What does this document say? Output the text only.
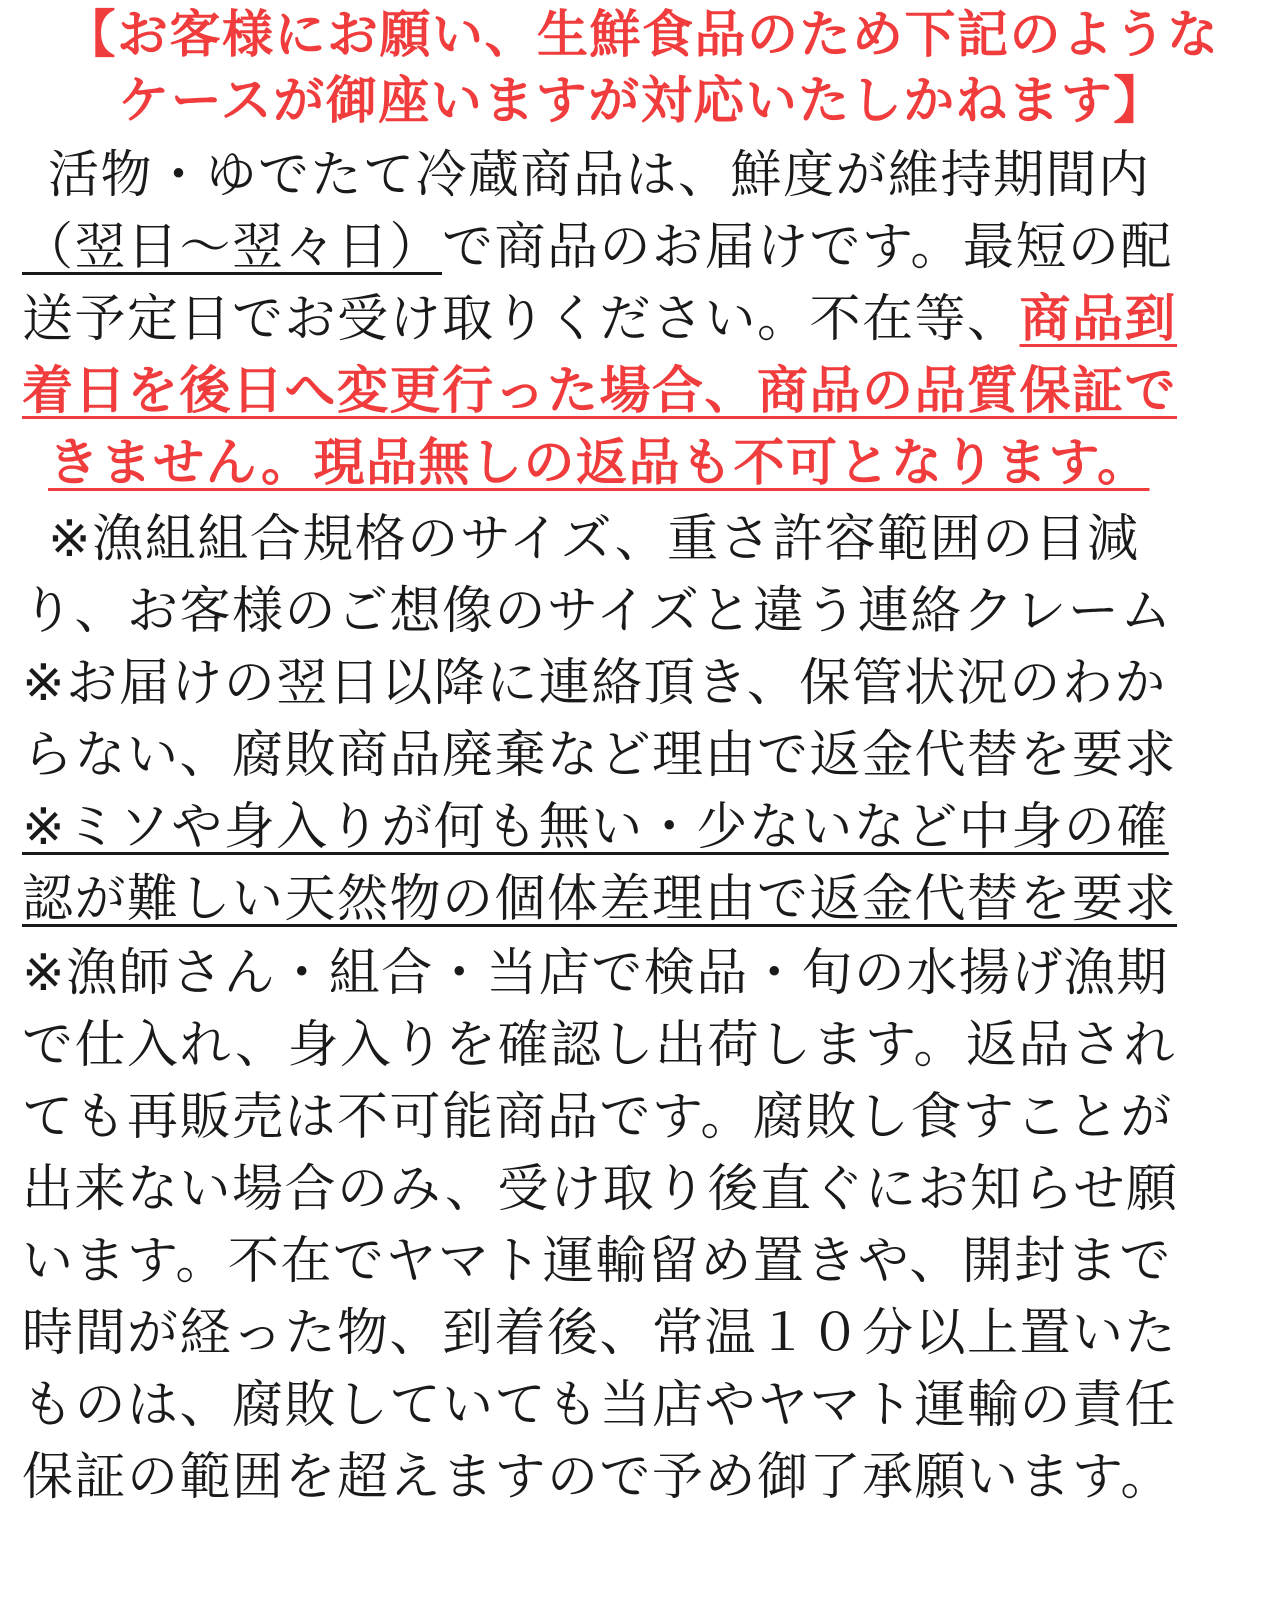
【お客様にお願い、生鮮食品のため下記のような
ケースが御座いますが対応いたしかねます】
活物・ゆでたて冷蔵商品は、鮮度が維持期間内
（翌日〜翌々日）で商品のお届けです。最短の配
送予定日でお受け取りください。不在等、商品到
着日を後日へ変更行った場合、商品の品質保証で
きません。現品無しの返品も不可となります。
※漁組組合規格のサイズ、重さ許容範囲の目減
り、お客様のご想像のサイズと違う連絡クレーム
※お届けの翌日以降に連絡頂き、保管状況のわか
らない、腐敗商品廃棄など理由で返金代替を要求
※ミソや身入りが何も無い・少ないなど中身の確
認が難しい天然物の個体差理由で返金代替を要求
※漁師さん・組合・当店で検品・旬の水揚げ漁期
で仕入れ、身入りを確認し出荷します。返品され
ても再販売は不可能商品です。腐敗し食すことが
出来ない場合のみ、受け取り後直ぐにお知らせ願
います。不在でヤマト運輸留め置きや、開封まで
時間が経った物、到着後、常温１０分以上置いた
ものは、腐敗していても当店やヤマト運輸の責任
保証の範囲を超えますので予め御了承願います。
